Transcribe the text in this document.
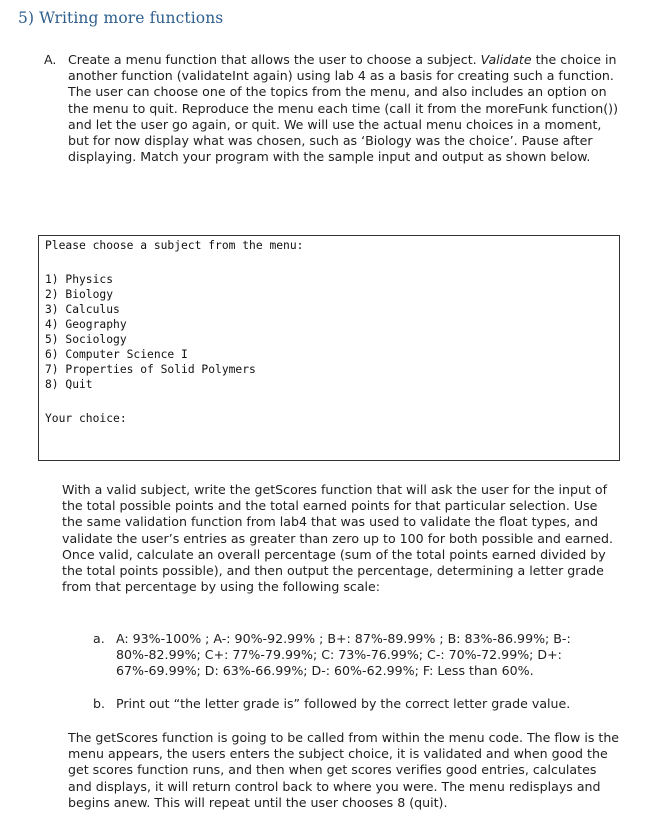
5) Writing more functions
A. Create a menu function that allows the user to choose a subject. Validate the choice in another function (validateInt again) using lab 4 as a basis for creating such a function. The user can choose one of the topics from the menu, and also includes an option on the menu to quit. Reproduce the menu each time (call it from the moreFunk function()) and let the user go again, or quit. We will use the actual menu choices in a moment, but for now display what was chosen, such as ‘Biology was the choice’. Pause after displaying. Match your program with the sample input and output as shown below.

Please choose a subject from the menu:
1) Physics
2) Biology
3) Calculus
4) Geography
5) Sociology
6) Computer Science I
7) Properties of Solid Polymers
8) Quit
Your choice:

With a valid subject, write the getScores function that will ask the user for the input of the total possible points and the total earned points for that particular selection. Use the same validation function from lab4 that was used to validate the float types, and validate the user’s entries as greater than zero up to 100 for both possible and earned. Once valid, calculate an overall percentage (sum of the total points earned divided by the total points possible), and then output the percentage, determining a letter grade from that percentage by using the following scale:

a. A: 93%-100% ; A-: 90%-92.99% ; B+: 87%-89.99% ; B: 83%-86.99%; B-: 80%-82.99%; C+: 77%-79.99%; C: 73%-76.99%; C-: 70%-72.99%; D+: 67%-69.99%; D: 63%-66.99%; D-: 60%-62.99%; F: Less than 60%.

b. Print out “the letter grade is” followed by the correct letter grade value.

The getScores function is going to be called from within the menu code. The flow is the menu appears, the users enters the subject choice, it is validated and when good the get scores function runs, and then when get scores verifies good entries, calculates and displays, it will return control back to where you were. The menu redisplays and begins anew. This will repeat until the user chooses 8 (quit).
